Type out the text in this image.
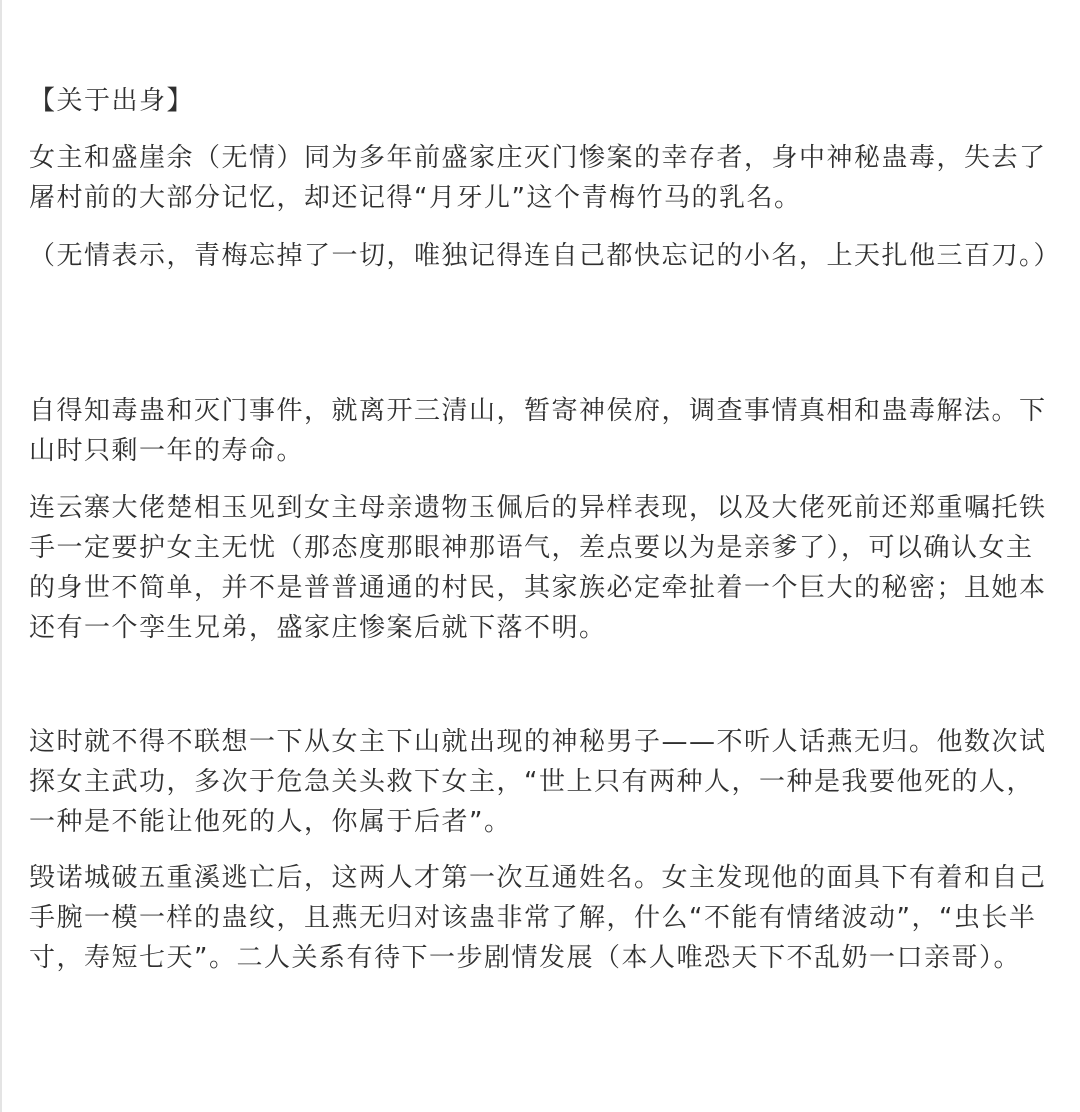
【关于出身】

女主和盛崖余（无情）同为多年前盛家庄灭门惨案的幸存者，身中神秘蛊毒，失去了屠村前的大部分记忆，却还记得“月牙儿”这个青梅竹马的乳名。

（无情表示，青梅忘掉了一切，唯独记得连自己都快忘记的小名，上天扎他三百刀。）

自得知毒蛊和灭门事件，就离开三清山，暂寄神侯府，调查事情真相和蛊毒解法。下山时只剩一年的寿命。

连云寨大佬楚相玉见到女主母亲遗物玉佩后的异样表现，以及大佬死前还郑重嘱托铁手一定要护女主无忧（那态度那眼神那语气，差点要以为是亲爹了），可以确认女主的身世不简单，并不是普普通通的村民，其家族必定牵扯着一个巨大的秘密；且她本还有一个孪生兄弟，盛家庄惨案后就下落不明。

这时就不得不联想一下从女主下山就出现的神秘男子——不听人话燕无归。他数次试探女主武功，多次于危急关头救下女主，“世上只有两种人，一种是我要他死的人，一种是不能让他死的人，你属于后者”。

毁诺城破五重溪逃亡后，这两人才第一次互通姓名。女主发现他的面具下有着和自己手腕一模一样的蛊纹，且燕无归对该蛊非常了解，什么“不能有情绪波动”，“虫长半寸，寿短七天”。二人关系有待下一步剧情发展（本人唯恐天下不乱奶一口亲哥）。
